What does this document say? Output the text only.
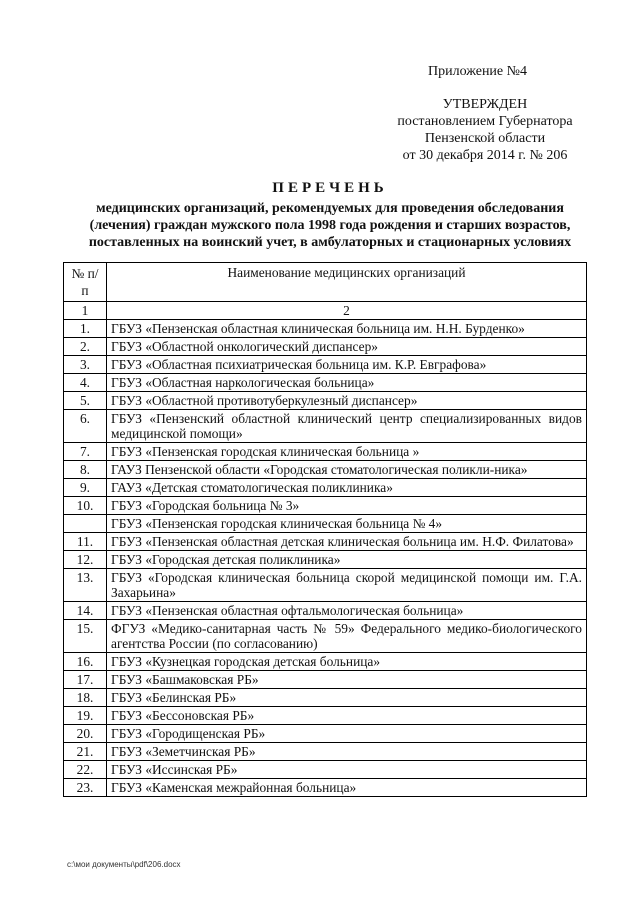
Приложение №4
УТВЕРЖДЕН
постановлением Губернатора
Пензенской области
от 30 декабря 2014 г. № 206
ПЕРЕЧЕНЬ
медицинских организаций, рекомендуемых для проведения обследования
(лечения) граждан мужского пола 1998 года рождения и старших возрастов,
поставленных на воинский учет, в амбулаторных и стационарных условиях
№ п/п	Наименование медицинских организаций
1	2
1.	ГБУЗ «Пензенская областная клиническая больница им. Н.Н. Бурденко»
2.	ГБУЗ «Областной онкологический диспансер»
3.	ГБУЗ «Областная психиатрическая больница им. К.Р. Евграфова»
4.	ГБУЗ «Областная наркологическая больница»
5.	ГБУЗ «Областной противотуберкулезный диспансер»
6.	ГБУЗ «Пензенский областной клинический центр специализированных видов медицинской помощи»
7.	ГБУЗ «Пензенская городская клиническая больница »
8.	ГАУЗ Пензенской области «Городская стоматологическая поликли-ника»
9.	ГАУЗ «Детская стоматологическая поликлиника»
10.	ГБУЗ «Городская больница № 3»
	ГБУЗ «Пензенская городская клиническая больница № 4»
11.	ГБУЗ «Пензенская областная детская клиническая больница им. Н.Ф. Филатова»
12.	ГБУЗ «Городская детская поликлиника»
13.	ГБУЗ «Городская клиническая больница скорой медицинской помощи им. Г.А. Захарьина»
14.	ГБУЗ «Пензенская областная офтальмологическая больница»
15.	ФГУЗ «Медико-санитарная часть № 59» Федерального медико-биологического агентства России (по согласованию)
16.	ГБУЗ «Кузнецкая городская детская больница»
17.	ГБУЗ «Башмаковская РБ»
18.	ГБУЗ «Белинская РБ»
19.	ГБУЗ «Бессоновская РБ»
20.	ГБУЗ «Городищенская РБ»
21.	ГБУЗ «Земетчинская РБ»
22.	ГБУЗ «Иссинская РБ»
23.	ГБУЗ «Каменская межрайонная больница»
c:\мои документы\pdf\206.docx
